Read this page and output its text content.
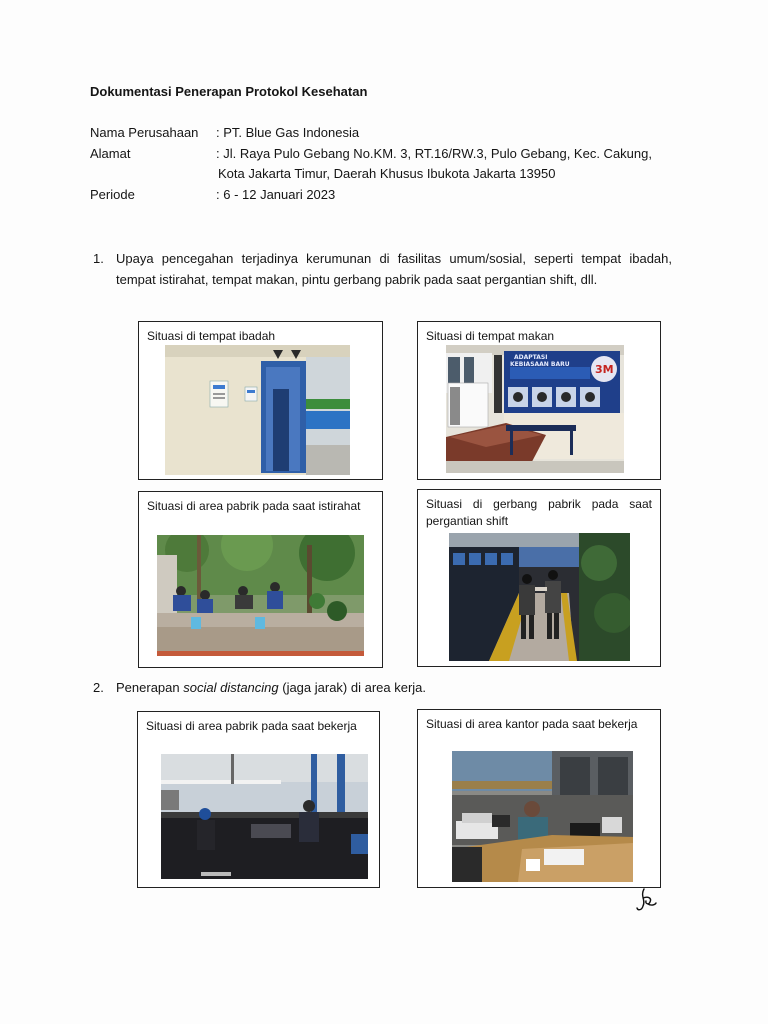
Dokumentasi Penerapan Protokol Kesehatan
Nama Perusahaan	: PT. Blue Gas Indonesia
Alamat	: Jl. Raya Pulo Gebang No.KM. 3, RT.16/RW.3, Pulo Gebang, Kec. Cakung,
Kota Jakarta Timur, Daerah Khusus Ibukota Jakarta 13950
Periode	: 6 - 12 Januari 2023
1. Upaya pencegahan terjadinya kerumunan di fasilitas umum/sosial, seperti tempat ibadah, tempat istirahat, tempat makan, pintu gerbang pabrik pada saat pergantian shift, dll.
Situasi di tempat ibadah	Situasi di tempat makan
ADAPTASI
KEBIASAAN BARU 3M
Situasi di area pabrik pada saat istirahat	Situasi di gerbang pabrik pada saat pergantian shift
2. Penerapan social distancing (jaga jarak) di area kerja.
Situasi di area pabrik pada saat bekerja	Situasi di area kantor pada saat bekerja
